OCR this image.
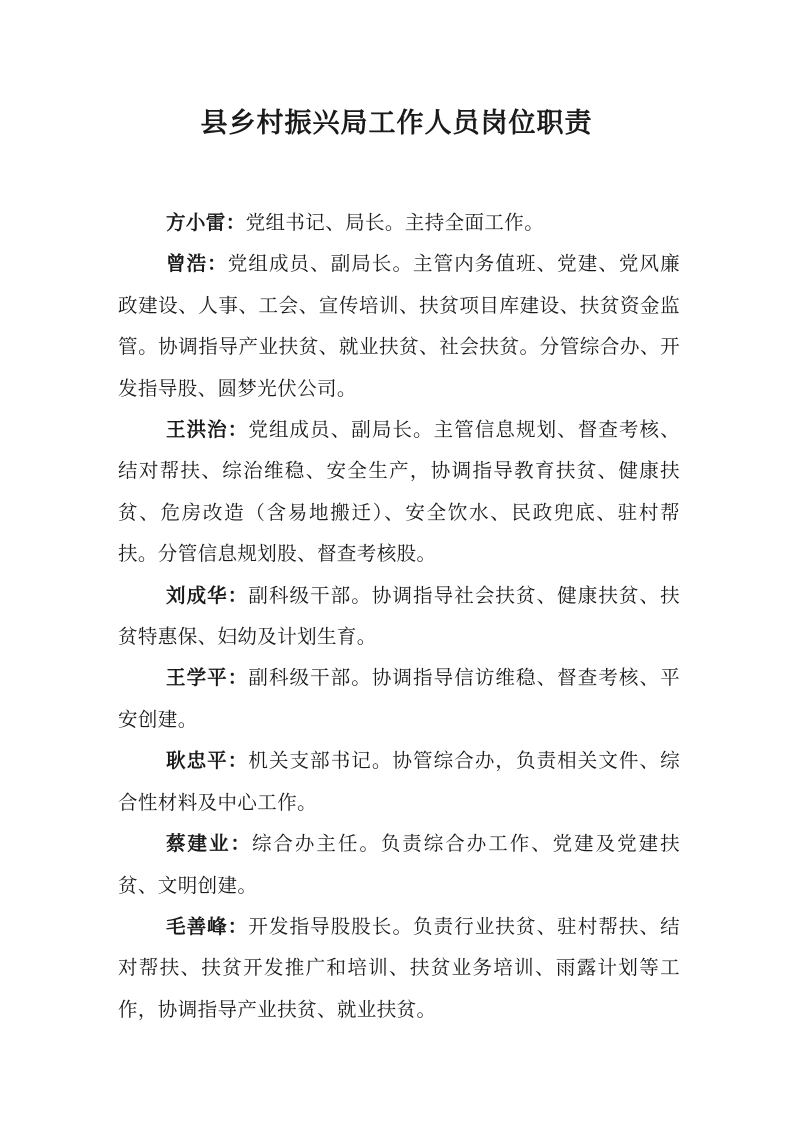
县乡村振兴局工作人员岗位职责

方小雷：党组书记、局长。主持全面工作。

曾浩：党组成员、副局长。主管内务值班、党建、党风廉政建设、人事、工会、宣传培训、扶贫项目库建设、扶贫资金监管。协调指导产业扶贫、就业扶贫、社会扶贫。分管综合办、开发指导股、圆梦光伏公司。

王洪治：党组成员、副局长。主管信息规划、督查考核、结对帮扶、综治维稳、安全生产，协调指导教育扶贫、健康扶贫、危房改造（含易地搬迁）、安全饮水、民政兜底、驻村帮扶。分管信息规划股、督查考核股。

刘成华：副科级干部。协调指导社会扶贫、健康扶贫、扶贫特惠保、妇幼及计划生育。

王学平：副科级干部。协调指导信访维稳、督查考核、平安创建。

耿忠平：机关支部书记。协管综合办，负责相关文件、综合性材料及中心工作。

蔡建业：综合办主任。负责综合办工作、党建及党建扶贫、文明创建。

毛善峰：开发指导股股长。负责行业扶贫、驻村帮扶、结对帮扶、扶贫开发推广和培训、扶贫业务培训、雨露计划等工作，协调指导产业扶贫、就业扶贫。
